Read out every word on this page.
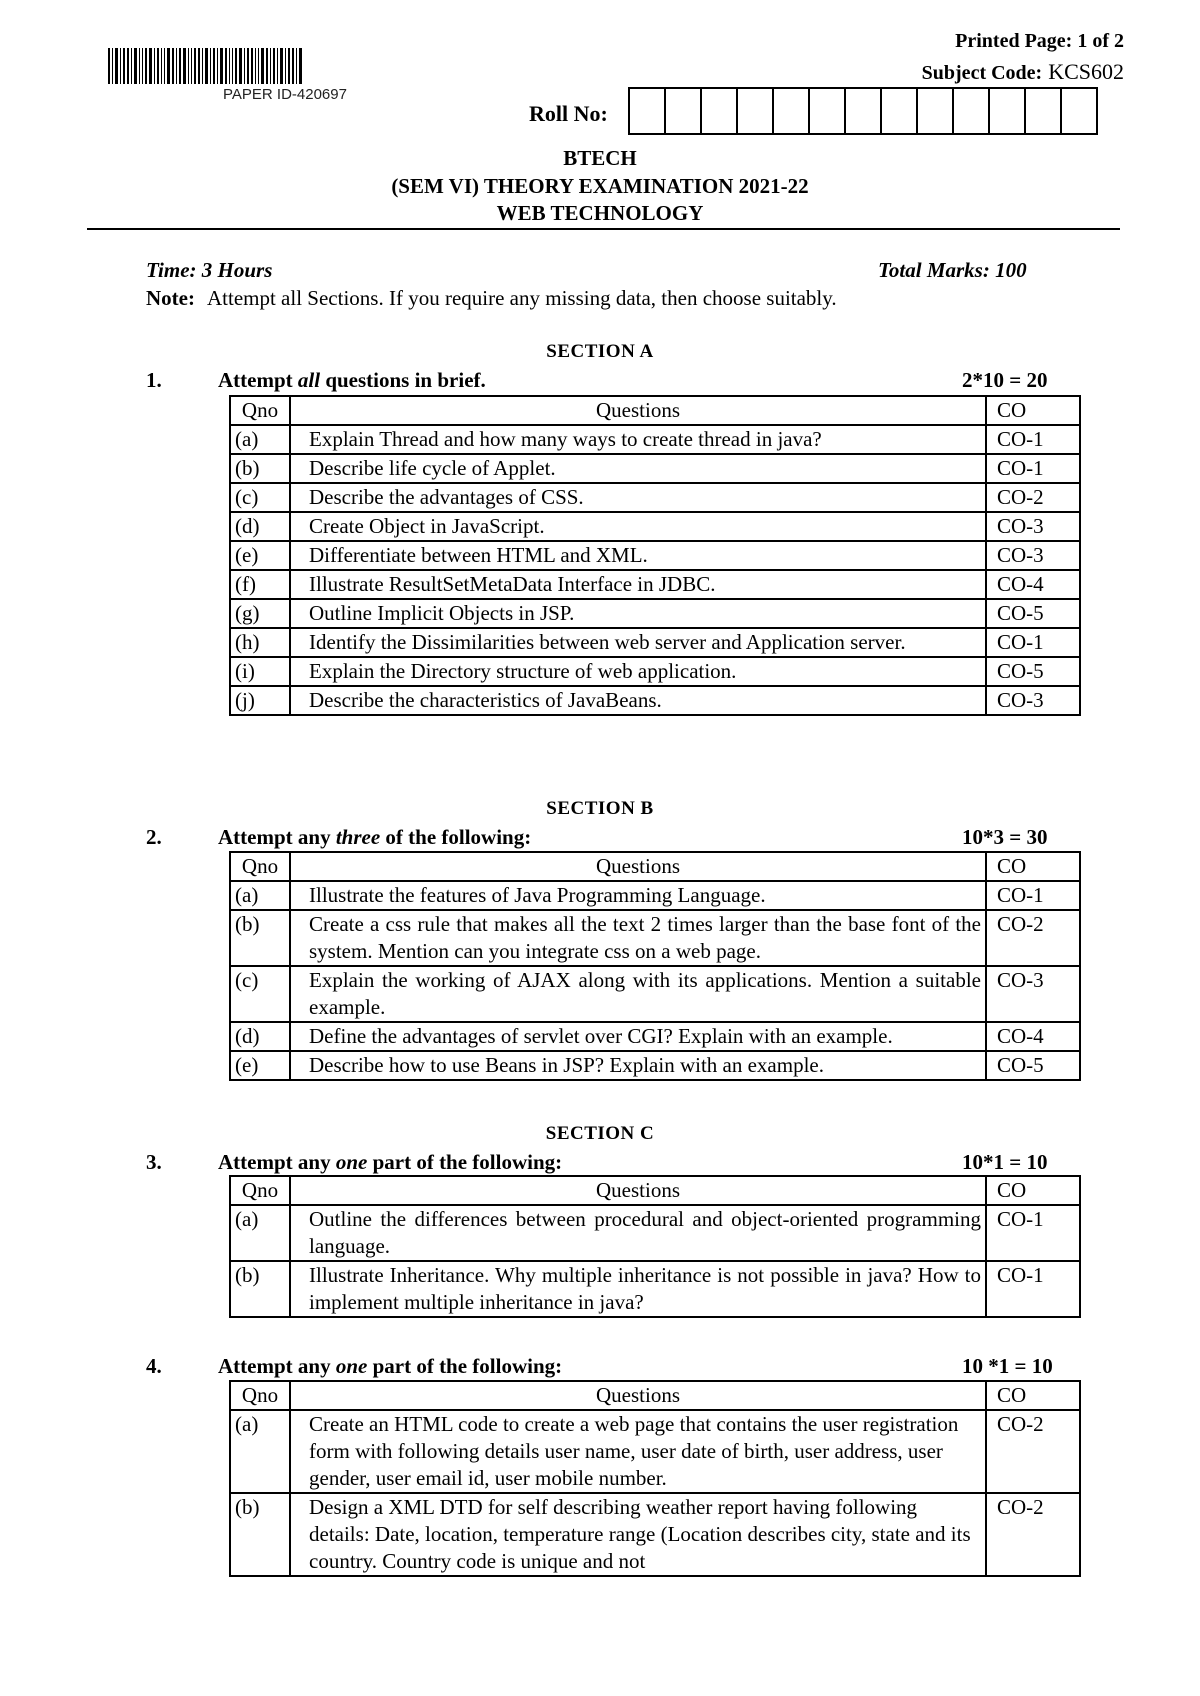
PAPER ID-420697
Printed Page: 1 of 2
Subject Code: KCS602
Roll No:
BTECH
(SEM VI) THEORY EXAMINATION 2021-22
WEB TECHNOLOGY
Time: 3 Hours	Total Marks: 100
Note: Attempt all Sections. If you require any missing data, then choose suitably.
SECTION A
1.	Attempt all questions in brief.	2*10 = 20
Qno	Questions	CO
(a)	Explain Thread and how many ways to create thread in java?	CO-1
(b)	Describe life cycle of Applet.	CO-1
(c)	Describe the advantages of CSS.	CO-2
(d)	Create Object in JavaScript.	CO-3
(e)	Differentiate between HTML and XML.	CO-3
(f)	Illustrate ResultSetMetaData Interface in JDBC.	CO-4
(g)	Outline Implicit Objects in JSP.	CO-5
(h)	Identify the Dissimilarities between web server and Application server.	CO-1
(i)	Explain the Directory structure of web application.	CO-5
(j)	Describe the characteristics of JavaBeans.	CO-3
SECTION B
2.	Attempt any three of the following:	10*3 = 30
Qno	Questions	CO
(a)	Illustrate the features of Java Programming Language.	CO-1
(b)	Create a css rule that makes all the text 2 times larger than the base font of the system. Mention can you integrate css on a web page.	CO-2
(c)	Explain the working of AJAX along with its applications. Mention a suitable example.	CO-3
(d)	Define the advantages of servlet over CGI? Explain with an example.	CO-4
(e)	Describe how to use Beans in JSP? Explain with an example.	CO-5
SECTION C
3.	Attempt any one part of the following:	10*1 = 10
Qno	Questions	CO
(a)	Outline the differences between procedural and object-oriented programming language.	CO-1
(b)	Illustrate Inheritance. Why multiple inheritance is not possible in java? How to implement multiple inheritance in java?	CO-1
4.	Attempt any one part of the following:	10 *1 = 10
Qno	Questions	CO
(a)	Create an HTML code to create a web page that contains the user registration form with following details user name, user date of birth, user address, user gender, user email id, user mobile number.	CO-2
(b)	Design a XML DTD for self describing weather report having following details: Date, location, temperature range (Location describes city, state and its country. Country code is unique and not	CO-2
